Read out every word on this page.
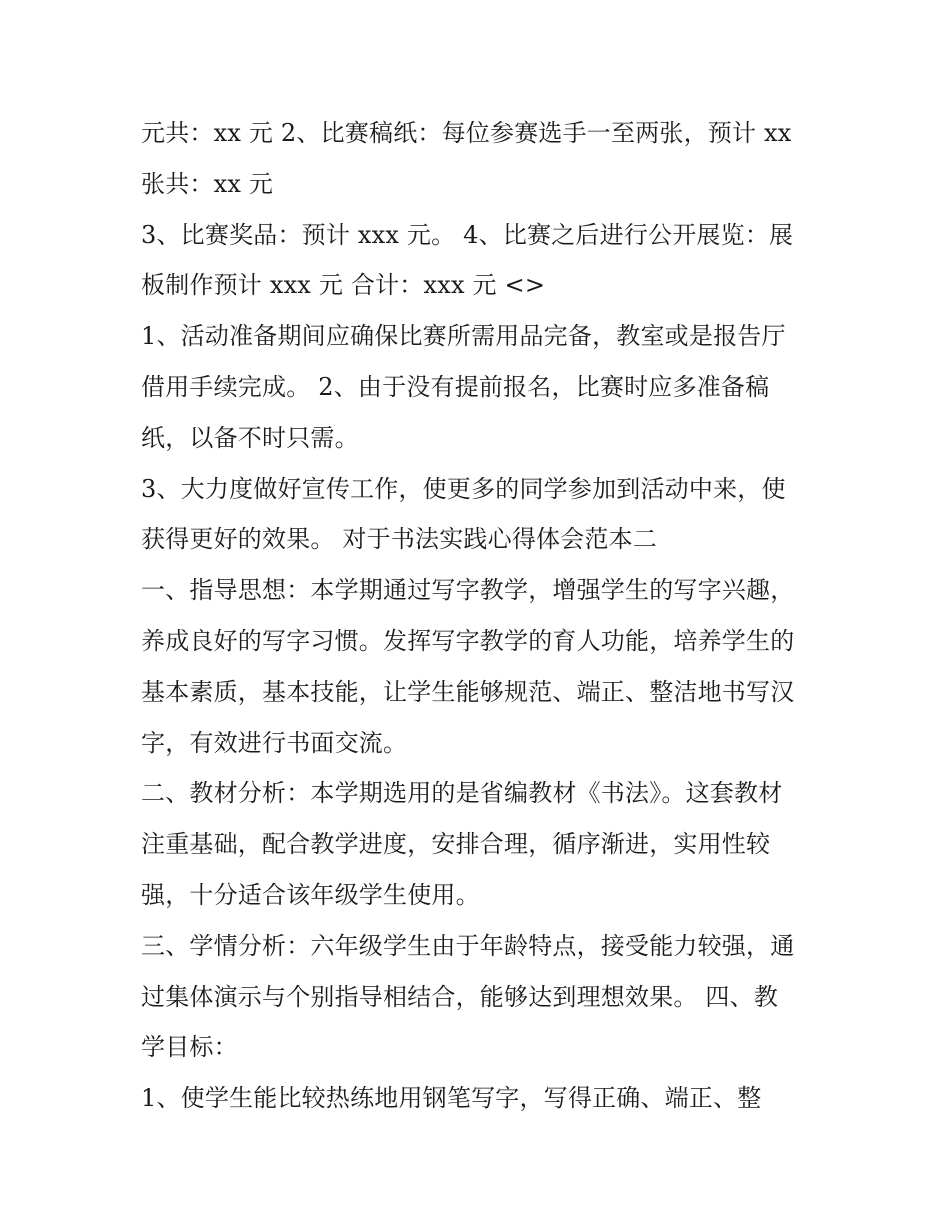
元共：xx 元 2、比赛稿纸：每位参赛选手一至两张，预计 xx
张共：xx 元
3、比赛奖品：预计 xxx 元。 4、比赛之后进行公开展览：展
板制作预计 xxx 元 合计：xxx 元 <>
1、活动准备期间应确保比赛所需用品完备，教室或是报告厅
借用手续完成。 2、由于没有提前报名，比赛时应多准备稿
纸，以备不时只需。
3、大力度做好宣传工作，使更多的同学参加到活动中来，使
获得更好的效果。 对于书法实践心得体会范本二
一、指导思想：本学期通过写字教学，增强学生的写字兴趣，
养成良好的写字习惯。发挥写字教学的育人功能，培养学生的
基本素质，基本技能，让学生能够规范、端正、整洁地书写汉
字，有效进行书面交流。
二、教材分析：本学期选用的是省编教材《书法》。这套教材
注重基础，配合教学进度，安排合理，循序渐进，实用性较
强，十分适合该年级学生使用。
三、学情分析：六年级学生由于年龄特点，接受能力较强，通
过集体演示与个别指导相结合，能够达到理想效果。 四、教
学目标：
1、使学生能比较热练地用钢笔写字，写得正确、端正、整
